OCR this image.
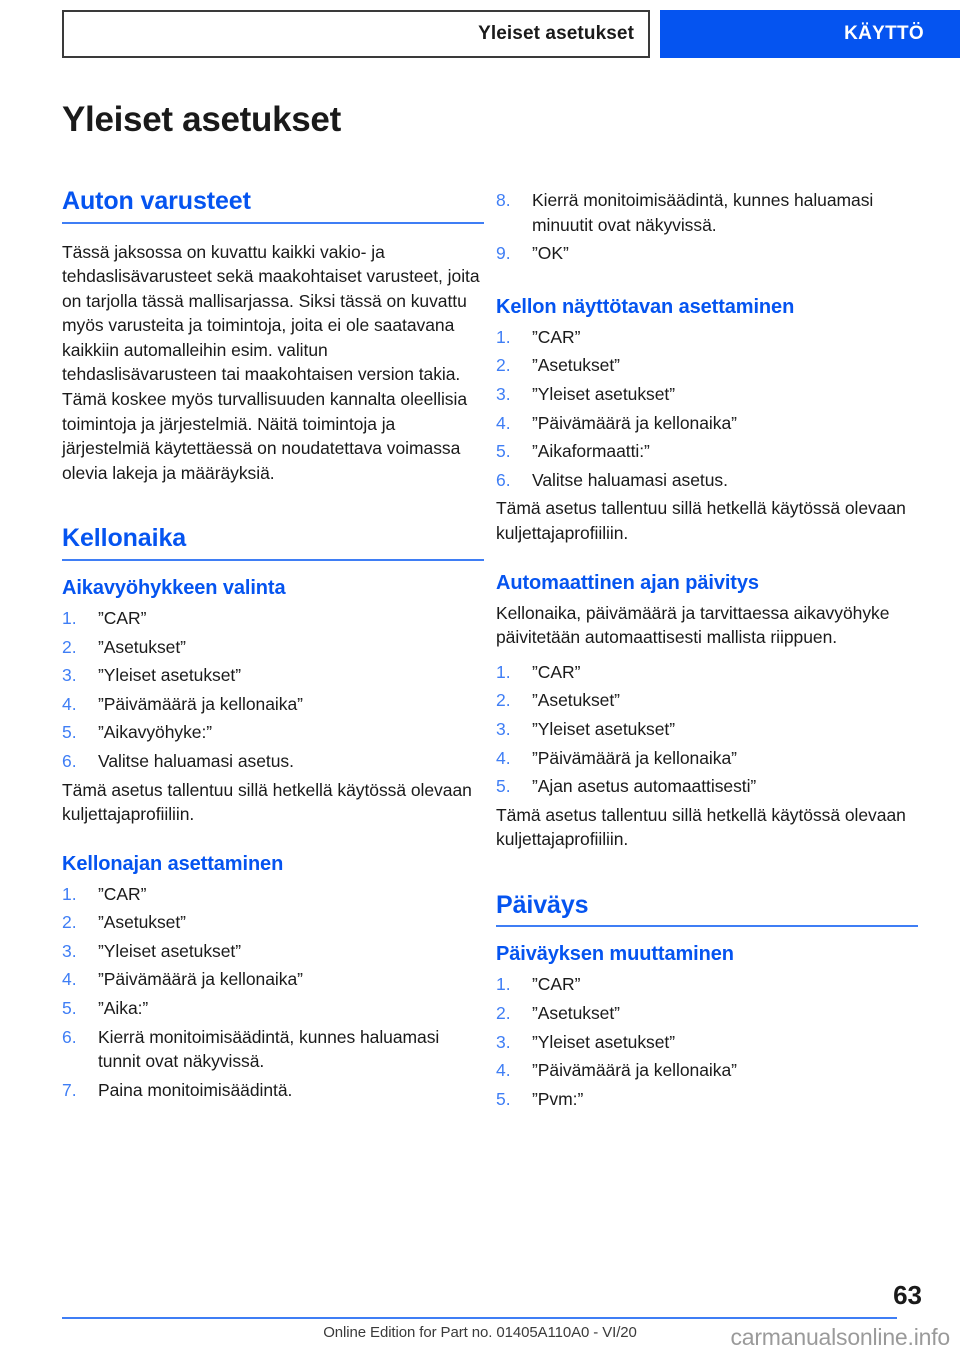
Yleiset asetukset	KÄYTTÖ
Yleiset asetukset
Auton varusteet

Tässä jaksossa on kuvattu kaikki vakio- ja tehdaslisävarusteet sekä maakohtaiset varusteet, joita on tarjolla tässä mallisarjassa. Siksi tässä on kuvattu myös varusteita ja toimintoja, joita ei ole saatavana kaikkiin automalleihin esim. valitun tehdaslisävarusteen tai maakohtaisen version takia. Tämä koskee myös turvallisuuden kannalta oleellisia toimintoja ja järjestelmiä. Näitä toimintoja ja järjestelmiä käytettäessä on noudatettava voimassa olevia lakeja ja määräyksiä.

Kellonaika
Aikavyöhykkeen valinta
”CAR”
”Asetukset”
”Yleiset asetukset”
”Päivämäärä ja kellonaika”
”Aikavyöhyke:”
Valitse haluamasi asetus.

Tämä asetus tallentuu sillä hetkellä käytössä olevaan kuljettajaprofiiliin.

Kellonajan asettaminen
”CAR”
”Asetukset”
”Yleiset asetukset”
”Päivämäärä ja kellonaika”
”Aika:”
Kierrä monitoimisäädintä, kunnes haluamasi tunnit ovat näkyvissä.
Paina monitoimisäädintä.
Kierrä monitoimisäädintä, kunnes haluamasi minuutit ovat näkyvissä.
”OK”
Kellon näyttötavan asettaminen
”CAR”
”Asetukset”
”Yleiset asetukset”
”Päivämäärä ja kellonaika”
”Aikaformaatti:”
Valitse haluamasi asetus.

Tämä asetus tallentuu sillä hetkellä käytössä olevaan kuljettajaprofiiliin.

Automaattinen ajan päivitys

Kellonaika, päivämäärä ja tarvittaessa aikavyöhyke päivitetään automaattisesti mallista riippuen.

”CAR”
”Asetukset”
”Yleiset asetukset”
”Päivämäärä ja kellonaika”
”Ajan asetus automaattisesti”

Tämä asetus tallentuu sillä hetkellä käytössä olevaan kuljettajaprofiiliin.

Päiväys
Päiväyksen muuttaminen
”CAR”
”Asetukset”
”Yleiset asetukset”
”Päivämäärä ja kellonaika”
”Pvm:”
63
Online Edition for Part no. 01405A110A0 - VI/20	carmanualsonline.info
